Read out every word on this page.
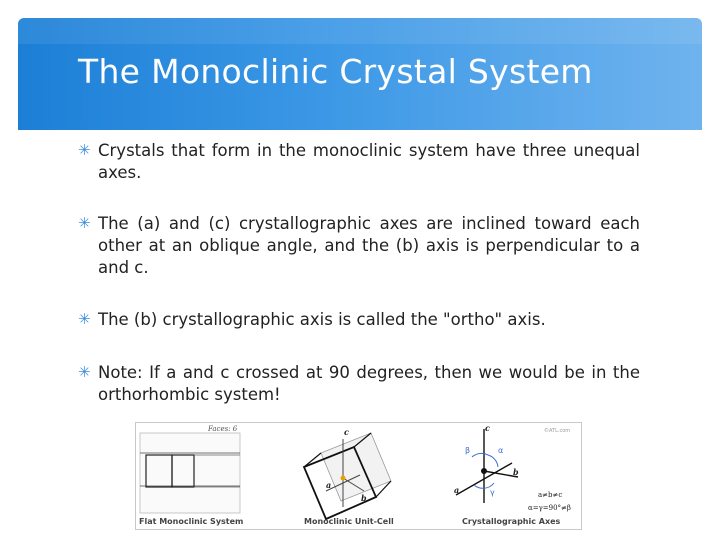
The Monoclinic Crystal System
✳ Crystals that form in the monoclinic system have three unequal axes.
✳ The (a) and (c) crystallographic axes are inclined toward each other at an oblique angle, and the (b) axis is perpendicular to a and c.
✳ The (b) crystallographic axis is called the "ortho" axis.
✳ Note: If a and c crossed at 90 degrees, then we would be in the orthorhombic system!
Faces: 6	c
a
b
c
β	α
b
a	γ	a≠b≠c
α=γ=90°≠β
©ATL.com
Flat Monoclinic System	Monoclinic Unit-Cell	Crystallographic Axes
